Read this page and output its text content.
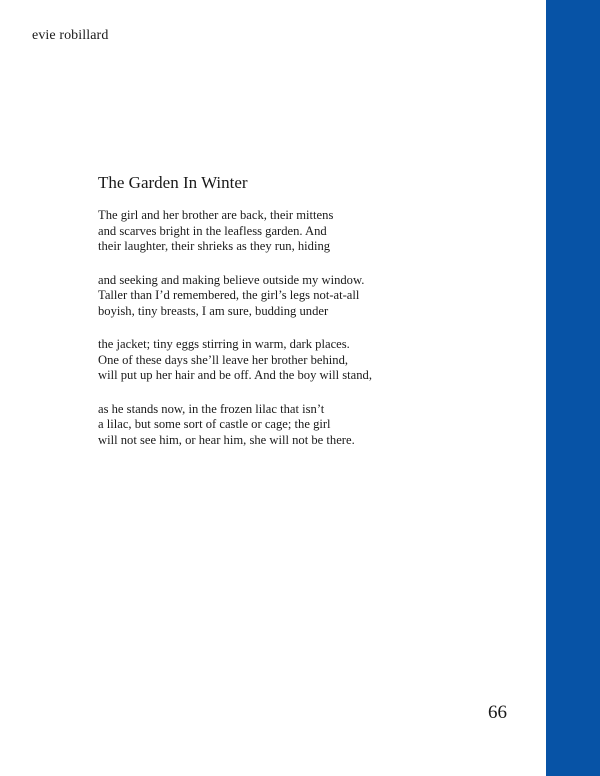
evie robillard
The Garden In Winter
The girl and her brother are back, their mittens
and scarves bright in the leafless garden. And
their laughter, their shrieks as they run, hiding
and seeking and making believe outside my window.
Taller than I’d remembered, the girl’s legs not-at-all
boyish, tiny breasts, I am sure, budding under
the jacket; tiny eggs stirring in warm, dark places.
One of these days she’ll leave her brother behind,
will put up her hair and be off. And the boy will stand,
as he stands now, in the frozen lilac that isn’t
a lilac, but some sort of castle or cage; the girl
will not see him, or hear him, she will not be there.
66
